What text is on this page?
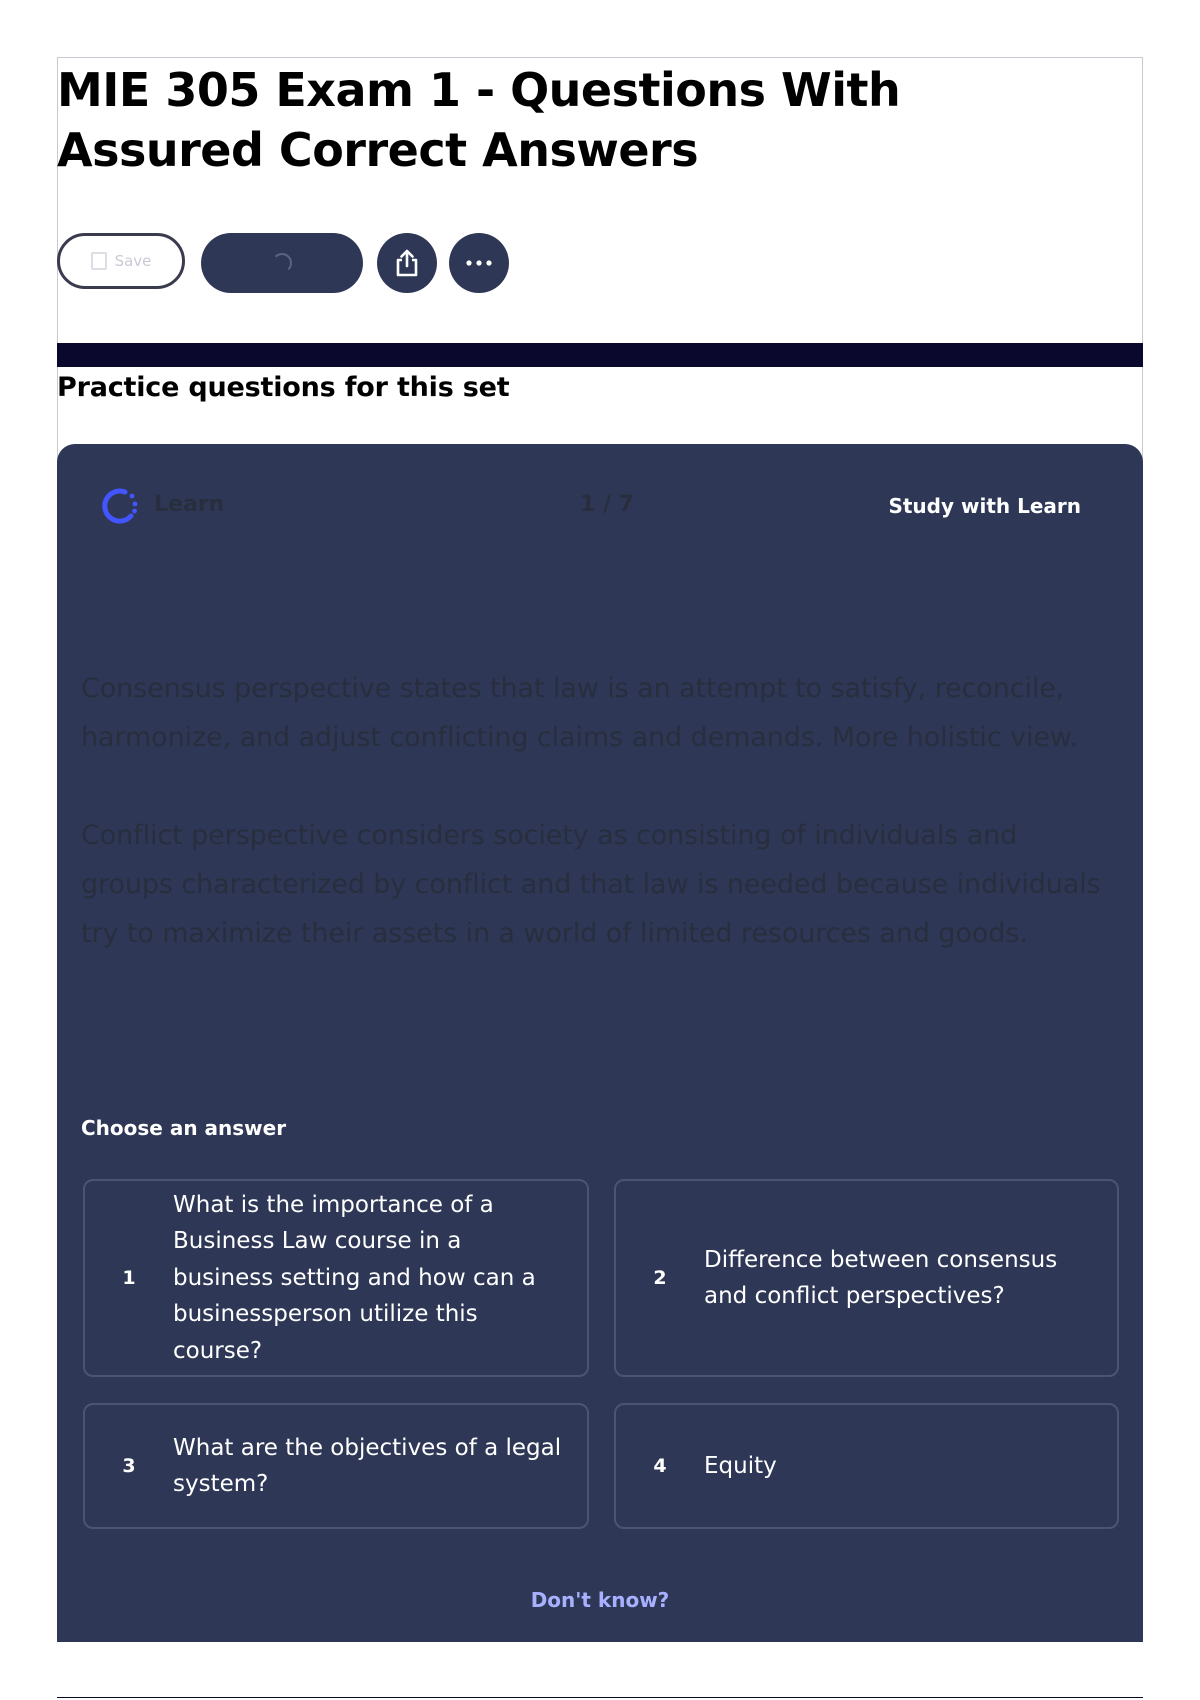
MIE 305 Exam 1 - Questions With Assured Correct Answers
Save
Practice questions for this set
Learn	1 / 7	Study with Learn

Consensus perspective states that law is an attempt to satisfy, reconcile, harmonize, and adjust conflicting claims and demands. More holistic view.

Conflict perspective considers society as consisting of individuals and groups characterized by conflict and that law is needed because individuals try to maximize their assets in a world of limited resources and goods.

Choose an answer
1
What is the importance of a Business Law course in a business setting and how can a businessperson utilize this course?
2
Difference between consensus and conflict perspectives?
3
What are the objectives of a legal system?
4	Equity
Don't know?
